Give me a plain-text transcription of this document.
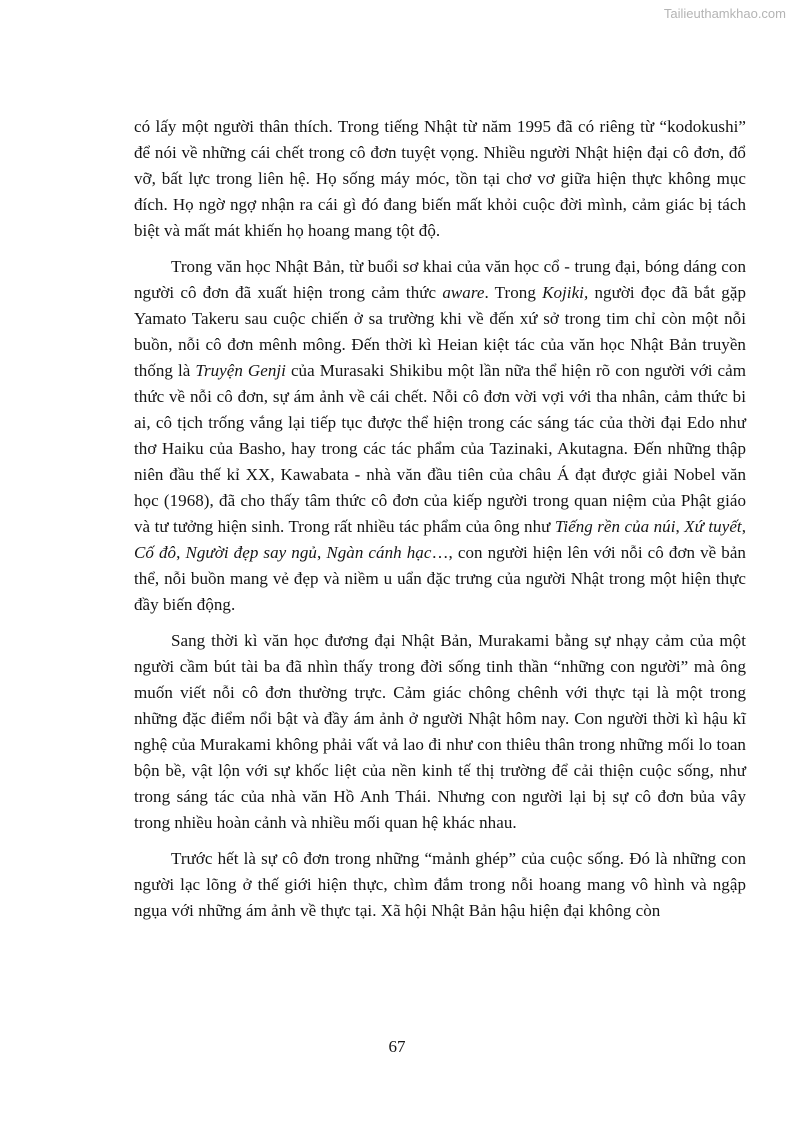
Tailieuthamkhao.com

có lấy một người thân thích. Trong tiếng Nhật từ năm 1995 đã có riêng từ “kodokushi” để nói về những cái chết trong cô đơn tuyệt vọng. Nhiều người Nhật hiện đại cô đơn, đổ vỡ, bất lực trong liên hệ. Họ sống máy móc, tồn tại chơ vơ giữa hiện thực không mục đích. Họ ngờ ngợ nhận ra cái gì đó đang biến mất khỏi cuộc đời mình, cảm giác bị tách biệt và mất mát khiến họ hoang mang tột độ.

Trong văn học Nhật Bản, từ buổi sơ khai của văn học cổ - trung đại, bóng dáng con người cô đơn đã xuất hiện trong cảm thức aware. Trong Kojiki, người đọc đã bắt gặp Yamato Takeru sau cuộc chiến ở sa trường khi về đến xứ sở trong tim chỉ còn một nỗi buồn, nỗi cô đơn mênh mông. Đến thời kì Heian kiệt tác của văn học Nhật Bản truyền thống là Truyện Genji của Murasaki Shikibu một lần nữa thể hiện rõ con người với cảm thức về nỗi cô đơn, sự ám ảnh về cái chết. Nỗi cô đơn vời vợi với tha nhân, cảm thức bi ai, cô tịch trống vắng lại tiếp tục được thể hiện trong các sáng tác của thời đại Edo như thơ Haiku của Basho, hay trong các tác phẩm của Tazinaki, Akutagna. Đến những thập niên đầu thế kỉ XX, Kawabata - nhà văn đầu tiên của châu Á đạt được giải Nobel văn học (1968), đã cho thấy tâm thức cô đơn của kiếp người trong quan niệm của Phật giáo và tư tưởng hiện sinh. Trong rất nhiều tác phẩm của ông như Tiếng rền của núi, Xứ tuyết, Cố đô, Người đẹp say ngủ, Ngàn cánh hạc…, con người hiện lên với nỗi cô đơn về bản thể, nỗi buồn mang vẻ đẹp và niềm u uẩn đặc trưng của người Nhật trong một hiện thực đầy biến động.

Sang thời kì văn học đương đại Nhật Bản, Murakami bằng sự nhạy cảm của một người cầm bút tài ba đã nhìn thấy trong đời sống tinh thần “những con người” mà ông muốn viết nỗi cô đơn thường trực. Cảm giác chông chênh với thực tại là một trong những đặc điểm nổi bật và đầy ám ảnh ở người Nhật hôm nay. Con người thời kì hậu kĩ nghệ của Murakami không phải vất vả lao đi như con thiêu thân trong những mối lo toan bộn bề, vật lộn với sự khốc liệt của nền kinh tế thị trường để cải thiện cuộc sống, như trong sáng tác của nhà văn Hồ Anh Thái. Nhưng con người lại bị sự cô đơn bủa vây trong nhiều hoàn cảnh và nhiều mối quan hệ khác nhau.

Trước hết là sự cô đơn trong những “mảnh ghép” của cuộc sống. Đó là những con người lạc lõng ở thế giới hiện thực, chìm đắm trong nỗi hoang mang vô hình và ngập ngụa với những ám ảnh về thực tại. Xã hội Nhật Bản hậu hiện đại không còn

67
